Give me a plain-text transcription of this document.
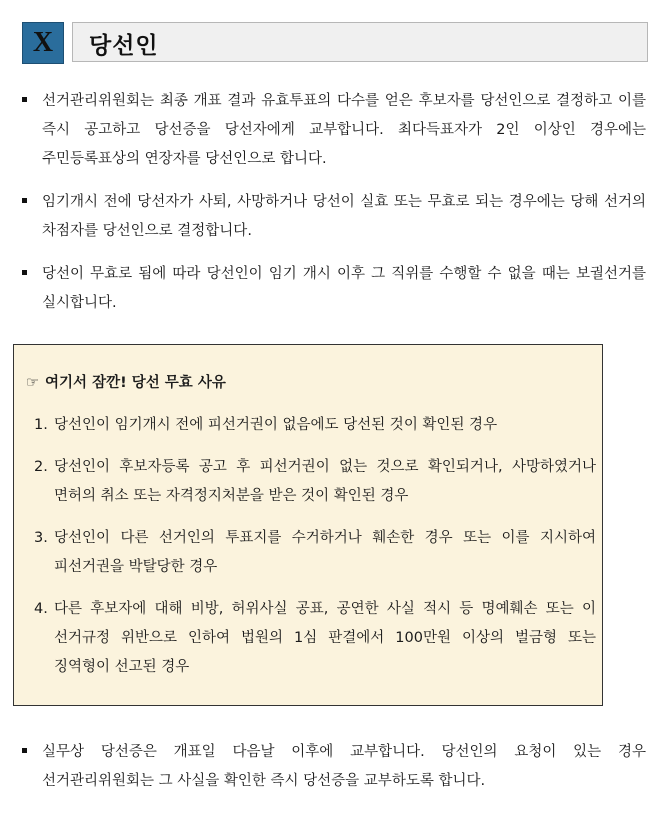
X 당선인
선거관리위원회는 최종 개표 결과 유효투표의 다수를 얻은 후보자를 당선인으로 결정하고 이를 즉시 공고하고 당선증을 당선자에게 교부합니다. 최다득표자가 2인 이상인 경우에는 주민등록표상의 연장자를 당선인으로 합니다.
임기개시 전에 당선자가 사퇴, 사망하거나 당선이 실효 또는 무효로 되는 경우에는 당해 선거의 차점자를 당선인으로 결정합니다.
당선이 무효로 됨에 따라 당선인이 임기 개시 이후 그 직위를 수행할 수 없을 때는 보궐선거를 실시합니다.
☞ 여기서 잠깐! 당선 무효 사유
1. 당선인이 임기개시 전에 피선거권이 없음에도 당선된 것이 확인된 경우
2. 당선인이 후보자등록 공고 후 피선거권이 없는 것으로 확인되거나, 사망하였거나 면허의 취소 또는 자격정지처분을 받은 것이 확인된 경우
3. 당선인이 다른 선거인의 투표지를 수거하거나 훼손한 경우 또는 이를 지시하여 피선거권을 박탈당한 경우
4. 다른 후보자에 대해 비방, 허위사실 공표, 공연한 사실 적시 등 명예훼손 또는 이 선거규정 위반으로 인하여 법원의 1심 판결에서 100만원 이상의 벌금형 또는 징역형이 선고된 경우
실무상 당선증은 개표일 다음날 이후에 교부합니다. 당선인의 요청이 있는 경우 선거관리위원회는 그 사실을 확인한 즉시 당선증을 교부하도록 합니다.
